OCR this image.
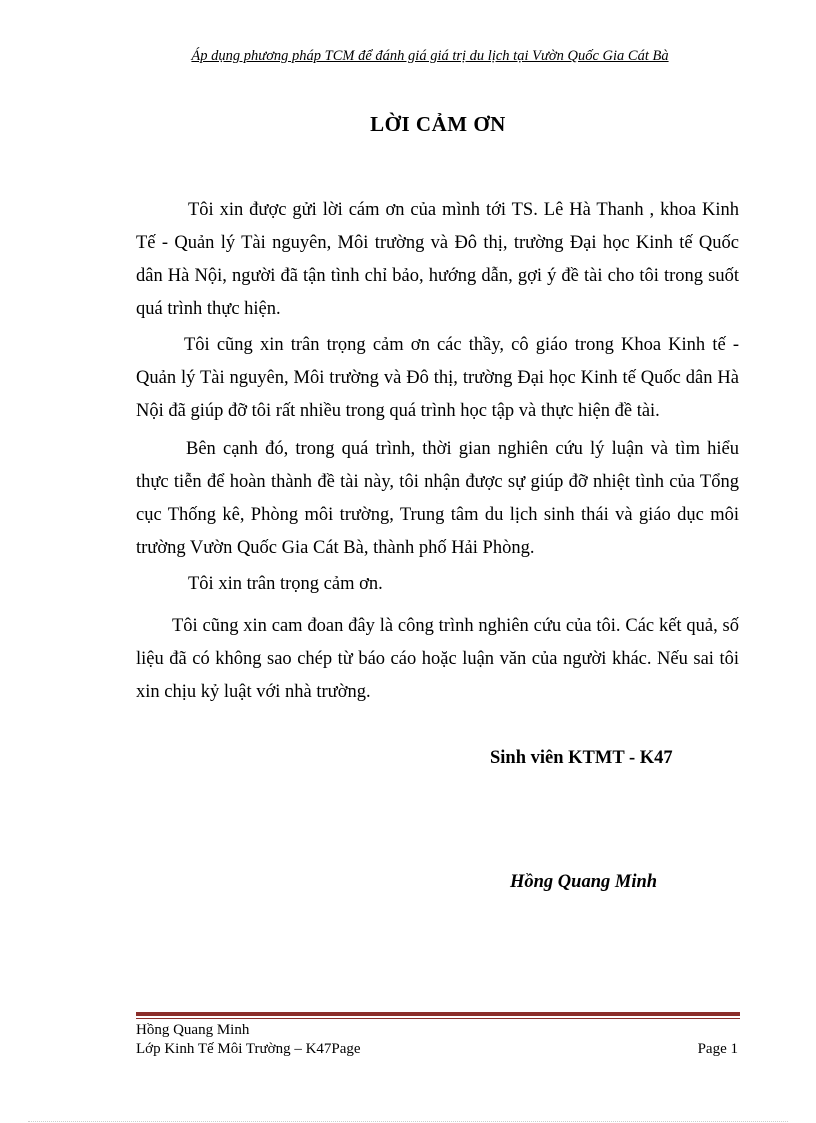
Áp dụng phương pháp TCM để đánh giá giá trị du lịch tại Vườn Quốc Gia Cát Bà
LỜI CẢM ƠN

Tôi xin được gửi lời cám ơn của mình tới TS. Lê Hà Thanh , khoa Kinh Tế - Quản lý Tài nguyên, Môi trường và Đô thị, trường Đại học Kinh tế Quốc dân Hà Nội, người đã tận tình chỉ bảo, hướng dẫn, gợi ý đề tài cho tôi trong suốt quá trình thực hiện.

Tôi cũng xin trân trọng cảm ơn các thầy, cô giáo trong Khoa Kinh tế - Quản lý Tài nguyên, Môi trường và Đô thị, trường Đại học Kinh tế Quốc dân Hà Nội đã giúp đỡ tôi rất nhiều trong quá trình học tập và thực hiện đề tài.

Bên cạnh đó, trong quá trình, thời gian nghiên cứu lý luận và tìm hiểu thực tiễn để hoàn thành đề tài này, tôi nhận được sự giúp đỡ nhiệt tình của Tổng cục Thống kê, Phòng môi trường, Trung tâm du lịch sinh thái và giáo dục môi trường Vườn Quốc Gia Cát Bà, thành phố Hải Phòng.

Tôi xin trân trọng cảm ơn.

Tôi cũng xin cam đoan đây là công trình nghiên cứu của tôi. Các kết quả, số liệu đã có không sao chép từ báo cáo hoặc luận văn của người khác. Nếu sai tôi xin chịu kỷ luật với nhà trường.

Sinh viên KTMT - K47
Hồng Quang Minh
Hồng Quang Minh
Lớp Kinh Tế Môi Trường – K47Page	Page 1
